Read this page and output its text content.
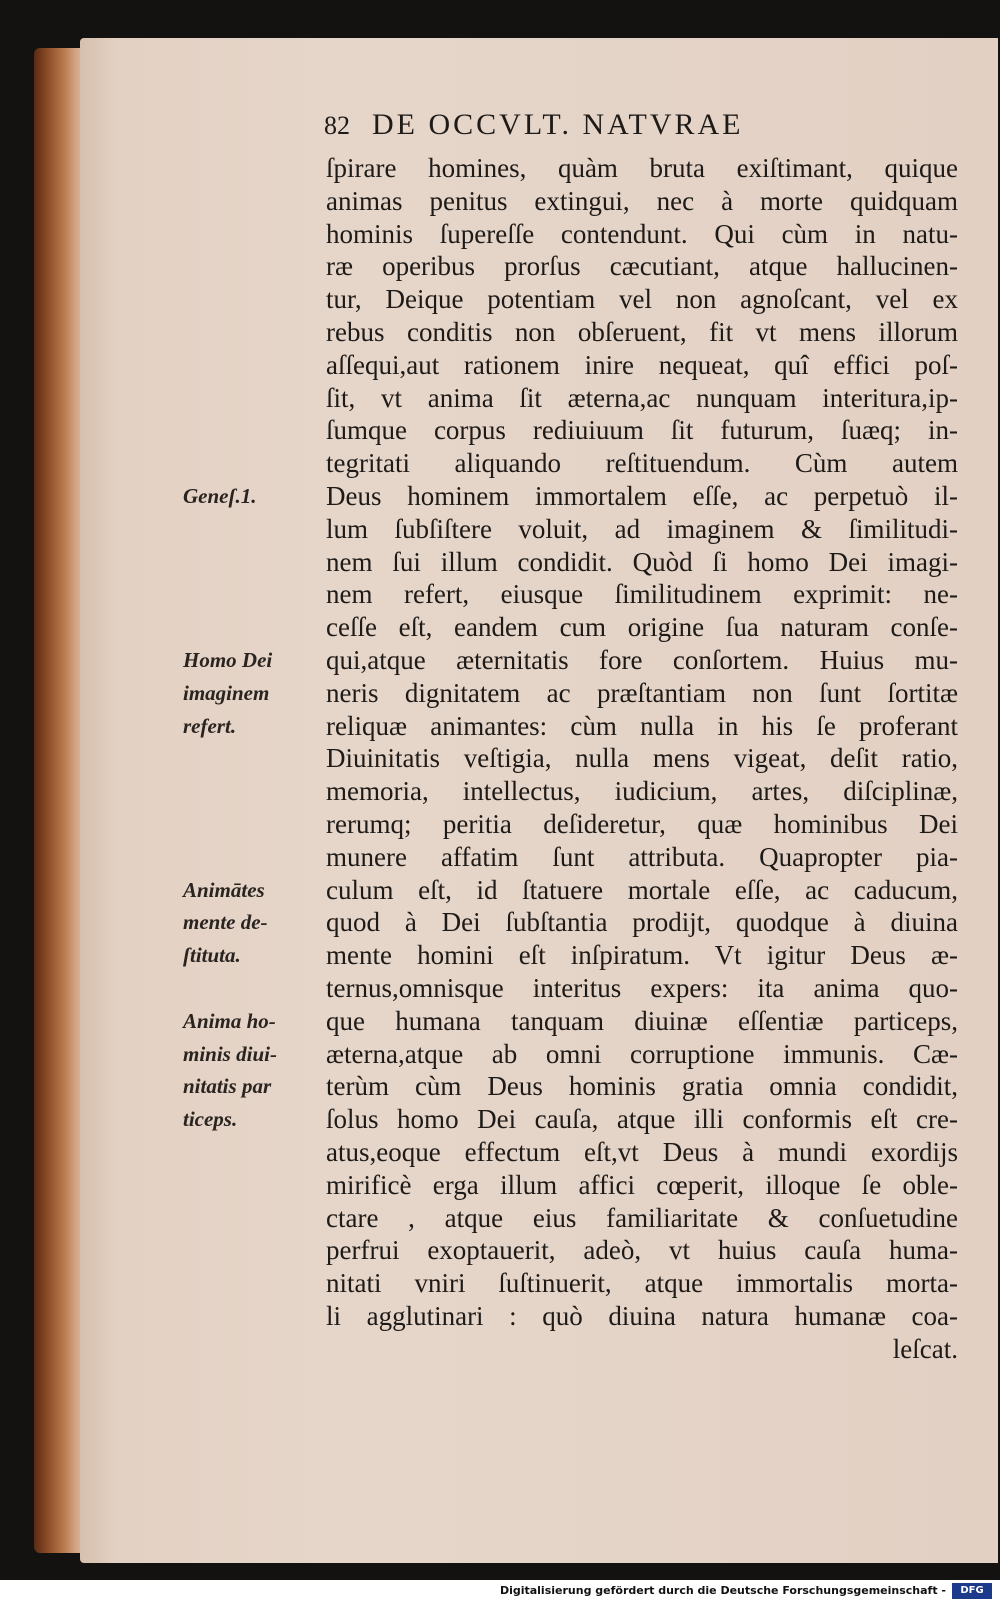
82 DE OCCVLT. NATVRAE
ſpirare homines, quàm bruta exiſtimant, quique
animas penitus extingui, nec à morte quidquam
hominis ſupereſſe contendunt. Qui cùm in natu-
ræ operibus prorſus cæcutiant, atque hallucinen-
tur, Deique potentiam vel non agnoſcant, vel ex
rebus conditis non obſeruent, fit vt mens illorum
aſſequi,aut rationem inire nequeat, quî effici poſ-
ſit, vt anima ſit æterna,ac nunquam interitura,ip-
ſumque corpus rediuiuum ſit futurum, ſuæq; in-
tegritati aliquando reſtituendum. Cùm autem
Deus hominem immortalem eſſe, ac perpetuò il-
lum ſubſiſtere voluit, ad imaginem & ſimilitudi-
nem ſui illum condidit. Quòd ſi homo Dei imagi-
nem refert, eiusque ſimilitudinem exprimit: ne-
ceſſe eſt, eandem cum origine ſua naturam conſe-
qui,atque æternitatis fore conſortem. Huius mu-
neris dignitatem ac præſtantiam non ſunt ſortitæ
reliquæ animantes: cùm nulla in his ſe proferant
Diuinitatis veſtigia, nulla mens vigeat, deſit ratio,
memoria, intellectus, iudicium, artes, diſciplinæ,
rerumq; peritia deſideretur, quæ hominibus Dei
munere affatim ſunt attributa. Quapropter pia-
culum eſt, id ſtatuere mortale eſſe, ac caducum,
quod à Dei ſubſtantia prodijt, quodque à diuina
mente homini eſt inſpiratum. Vt igitur Deus æ-
ternus,omnisque interitus expers: ita anima quo-
que humana tanquam diuinæ eſſentiæ particeps,
æterna,atque ab omni corruptione immunis. Cæ-
terùm cùm Deus hominis gratia omnia condidit,
ſolus homo Dei cauſa, atque illi conformis eſt cre-
atus,eoque effectum eſt,vt Deus à mundi exordijs
mirificè erga illum affici cœperit, illoque ſe oble-
ctare , atque eius familiaritate & conſuetudine
perfrui exoptauerit, adeò, vt huius cauſa huma-
nitati vniri ſuſtinuerit, atque immortalis morta-
li agglutinari : quò diuina natura humanæ coa-
leſcat.
Geneſ.1.
Homo Dei
imaginem
refert.
Animātes
mente de-
ſtituta.
Anima ho-
minis diui-
nitatis par
ticeps.
Digitalisierung gefördert durch die Deutsche Forschungsgemeinschaft -	DFG
